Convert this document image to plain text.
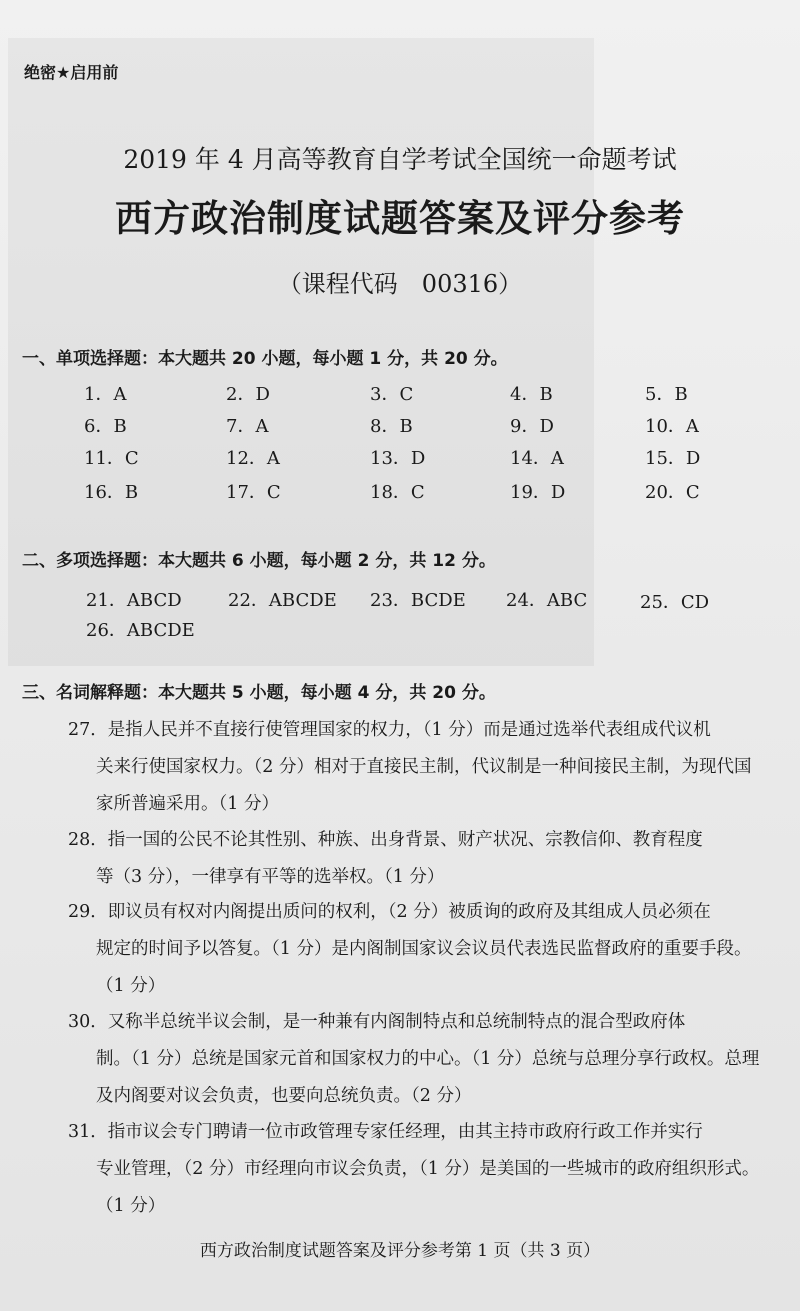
绝密★启用前
2019 年 4 月高等教育自学考试全国统一命题考试
西方政治制度试题答案及评分参考
（课程代码　00316）
一、单项选择题：本大题共 20 小题，每小题 1 分，共 20 分。
1．A	2．D	3．C	4．B	5．B
6．B	7．A	8．B	9．D	10．A
11．C	12．A	13．D	14．A	15．D
16．B	17．C	18．C	19．D	20．C
二、多项选择题：本大题共 6 小题，每小题 2 分，共 12 分。
21．ABCD	22．ABCDE 23．BCDE 24．ABC	25．CD
26．ABCDE
三、名词解释题：本大题共 5 小题，每小题 4 分，共 20 分。
27．是指人民并不直接行使管理国家的权力，（1 分）而是通过选举代表组成代议机
关来行使国家权力。（2 分）相对于直接民主制，代议制是一种间接民主制，为现代国家所普遍采用。（1 分）
28．指一国的公民不论其性别、种族、出身背景、财产状况、宗教信仰、教育程度
等（3 分），一律享有平等的选举权。（1 分）
29．即议员有权对内阁提出质问的权利，（2 分）被质询的政府及其组成人员必须在
规定的时间予以答复。（1 分）是内阁制国家议会议员代表选民监督政府的重要手段。（1 分）
30．又称半总统半议会制，是一种兼有内阁制特点和总统制特点的混合型政府体
制。（1 分）总统是国家元首和国家权力的中心。（1 分）总统与总理分享行政权。总理及内阁要对议会负责，也要向总统负责。（2 分）
31．指市议会专门聘请一位市政管理专家任经理，由其主持市政府行政工作并实行
专业管理，（2 分）市经理向市议会负责，（1 分）是美国的一些城市的政府组织形式。（1 分）
西方政治制度试题答案及评分参考第 1 页（共 3 页）
